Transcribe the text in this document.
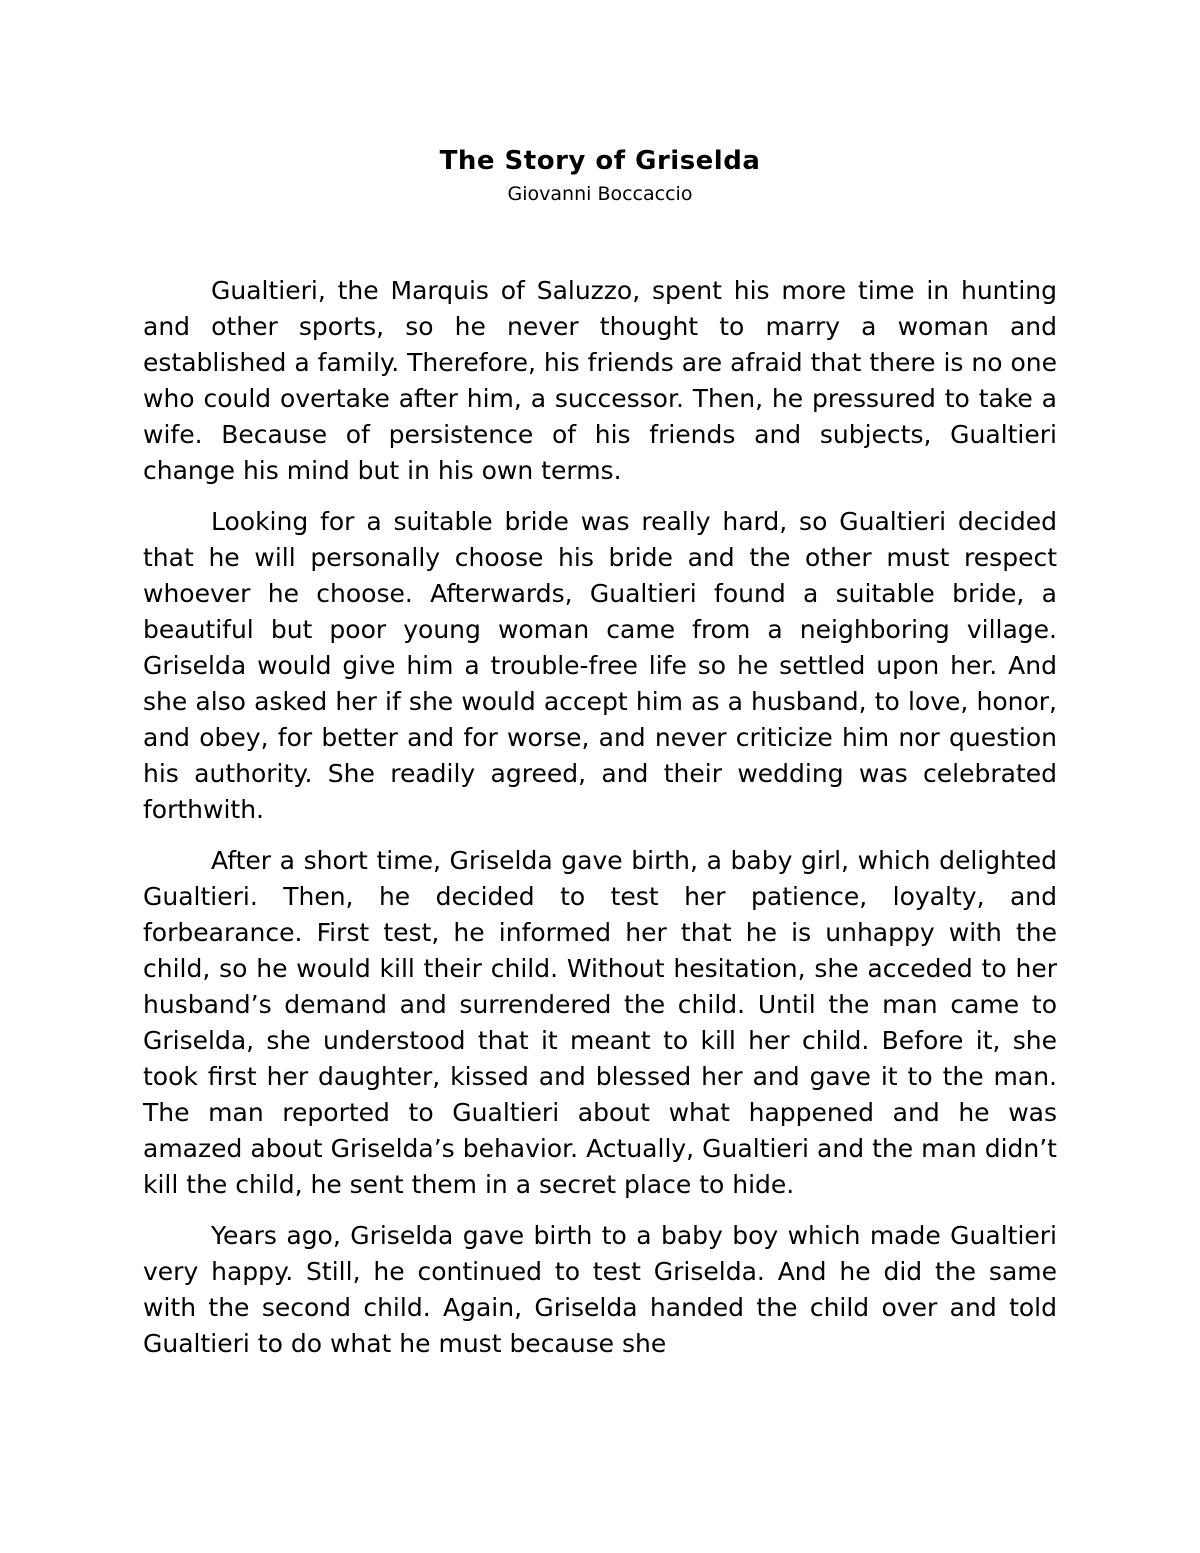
The Story of Griselda
Giovanni Boccaccio

Gualtieri, the Marquis of Saluzzo, spent his more time in hunting and other sports, so he never thought to marry a woman and established a family. Therefore, his friends are afraid that there is no one who could overtake after him, a successor. Then, he pressured to take a wife. Because of persistence of his friends and subjects, Gualtieri change his mind but in his own terms.

Looking for a suitable bride was really hard, so Gualtieri decided that he will personally choose his bride and the other must respect whoever he choose. Afterwards, Gualtieri found a suitable bride, a beautiful but poor young woman came from a neighboring village. Griselda would give him a trouble-free life so he settled upon her. And she also asked her if she would accept him as a husband, to love, honor, and obey, for better and for worse, and never criticize him nor question his authority. She readily agreed, and their wedding was celebrated forthwith.

After a short time, Griselda gave birth, a baby girl, which delighted Gualtieri. Then, he decided to test her patience, loyalty, and forbearance. First test, he informed her that he is unhappy with the child, so he would kill their child. Without hesitation, she acceded to her husband’s demand and surrendered the child. Until the man came to Griselda, she understood that it meant to kill her child. Before it, she took first her daughter, kissed and blessed her and gave it to the man. The man reported to Gualtieri about what happened and he was amazed about Griselda’s behavior. Actually, Gualtieri and the man didn’t kill the child, he sent them in a secret place to hide.

Years ago, Griselda gave birth to a baby boy which made Gualtieri very happy. Still, he continued to test Griselda. And he did the same with the second child. Again, Griselda handed the child over and told Gualtieri to do what he must because she
